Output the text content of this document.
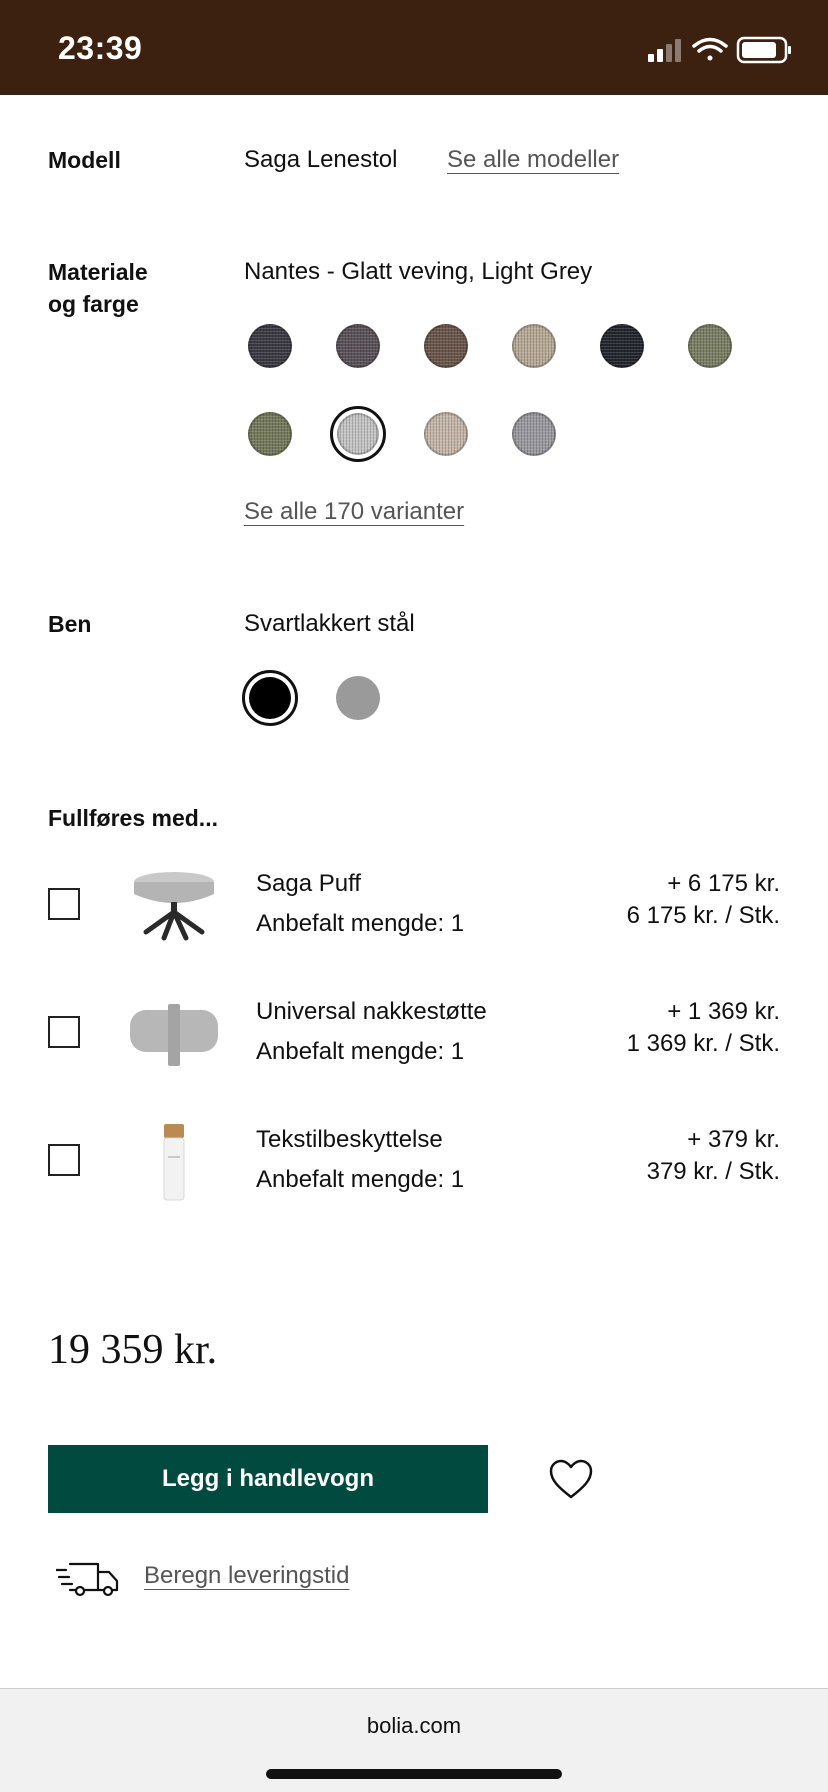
23:39
Modell	Saga Lenestol Se alle modeller
Materiale
og farge
Nantes - Glatt veving, Light Grey
Se alle 170 varianter
Ben	Svartlakkert stål
Fullføres med...
Saga Puff
Anbefalt mengde: 1
+ 6 175 kr.
6 175 kr. / Stk.
Universal nakkestøtte
Anbefalt mengde: 1
+ 1 369 kr.
1 369 kr. / Stk.
Tekstilbeskyttelse
Anbefalt mengde: 1
+ 379 kr.
379 kr. / Stk.
19 359 kr.
Legg i handlevogn
Beregn leveringstid
bolia.com
